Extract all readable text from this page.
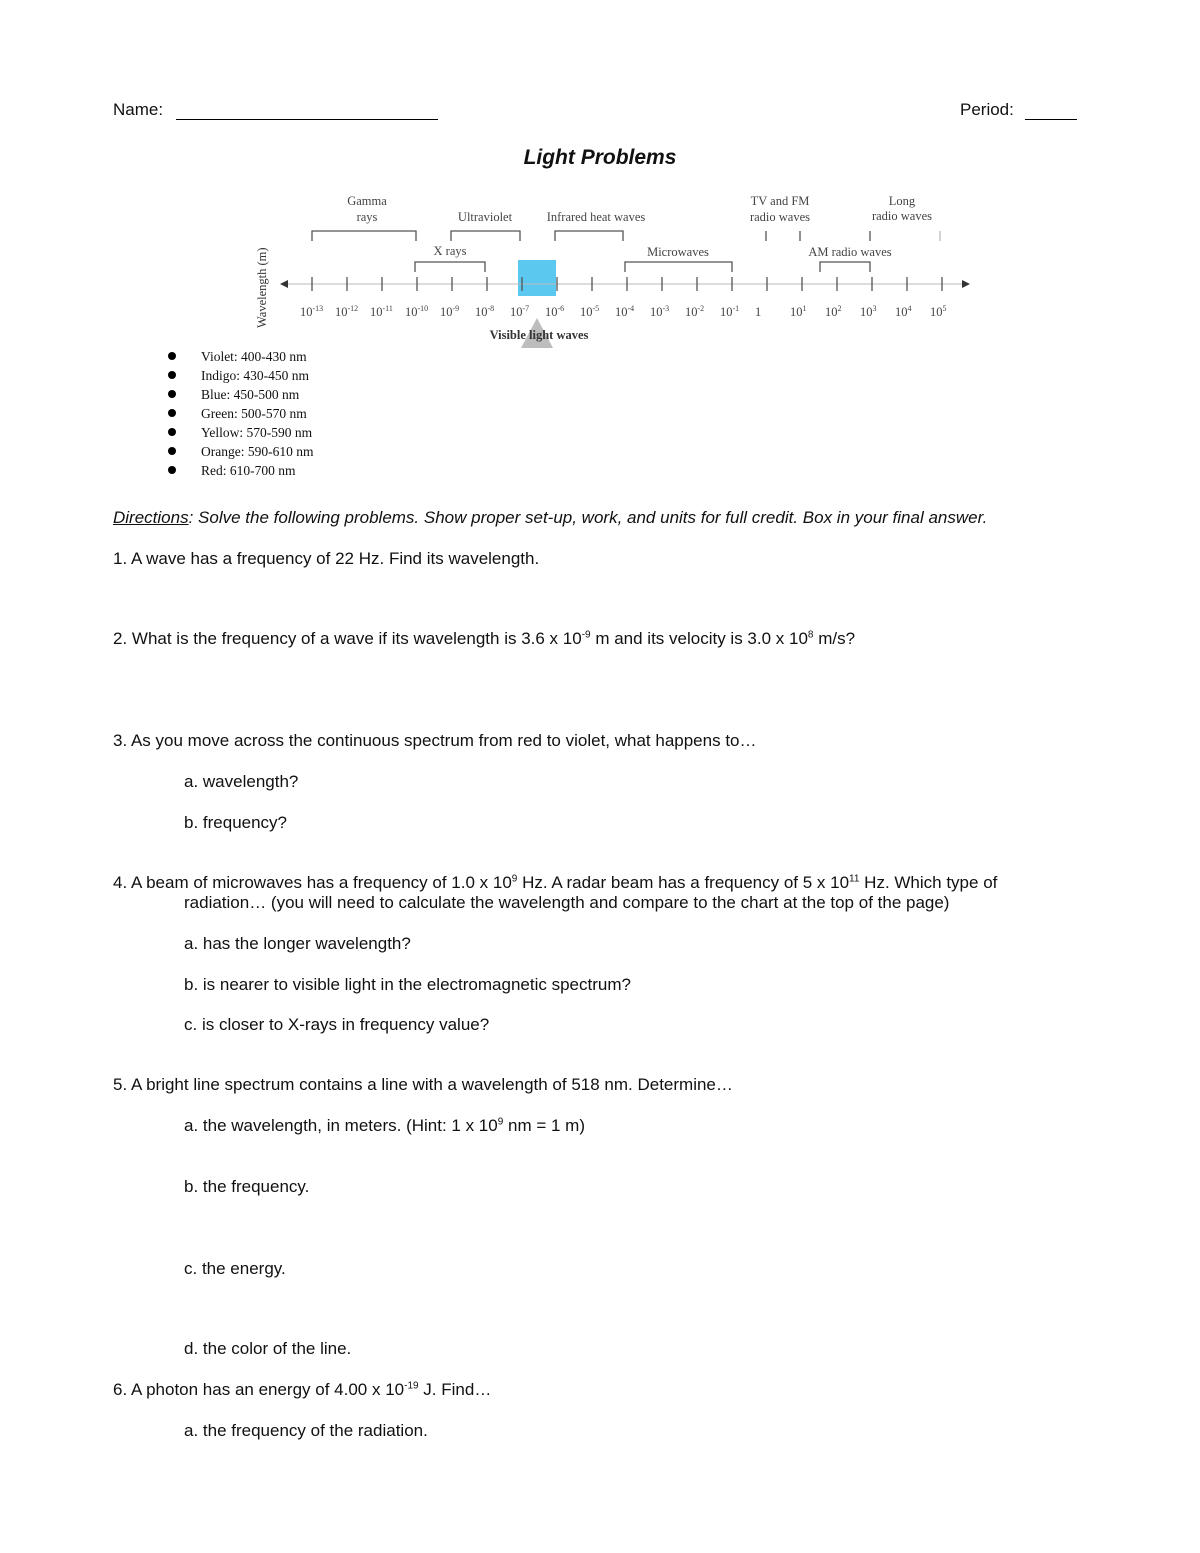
Name:	Period:
Light Problems
$10^{-13}$ $10^{-12}$ $10^{-11}$ $10^{-10}$ $10^{-9}$ $10^{-8}$ $10^{-7}$ $10^{-6}$ $10^{-5}$ $10^{-4}$ $10^{-3}$ $10^{-2}$ $10^{-1}$ 1 $10^1$ $10^2$ $10^3$ $10^4$ $10^5$
Wavelength (m)
Gamma
rays	Ultraviolet	Infrared heat waves
TV and FM
radio waves
Long
radio waves
X rays	Microwaves	AM radio waves
Visible light waves
Violet: 400-430 nm
Indigo: 430-450 nm
Blue: 450-500 nm
Green: 500-570 nm
Yellow: 570-590 nm
Orange: 590-610 nm
Red: 610-700 nm
Directions: Solve the following problems. Show proper set-up, work, and units for full credit. Box in your final answer.
1. A wave has a frequency of 22 Hz. Find its wavelength.
2. What is the frequency of a wave if its wavelength is 3.6 x $10^{-9}$ m and its velocity is 3.0 x $10^8$ m/s?
3. As you move across the continuous spectrum from red to violet, what happens to…
a. wavelength?
b. frequency?
4. A beam of microwaves has a frequency of 1.0 x $10^9$ Hz. A radar beam has a frequency of 5 x $10^{11}$ Hz. Which type of
radiation… (you will need to calculate the wavelength and compare to the chart at the top of the page)
a. has the longer wavelength?
b. is nearer to visible light in the electromagnetic spectrum?
c. is closer to X-rays in frequency value?
5. A bright line spectrum contains a line with a wavelength of 518 nm. Determine…
a. the wavelength, in meters. (Hint: 1 x $10^9$ nm = 1 m)
b. the frequency.
c. the energy.
d. the color of the line.
6. A photon has an energy of 4.00 x $10^{-19}$ J. Find…
a. the frequency of the radiation.
